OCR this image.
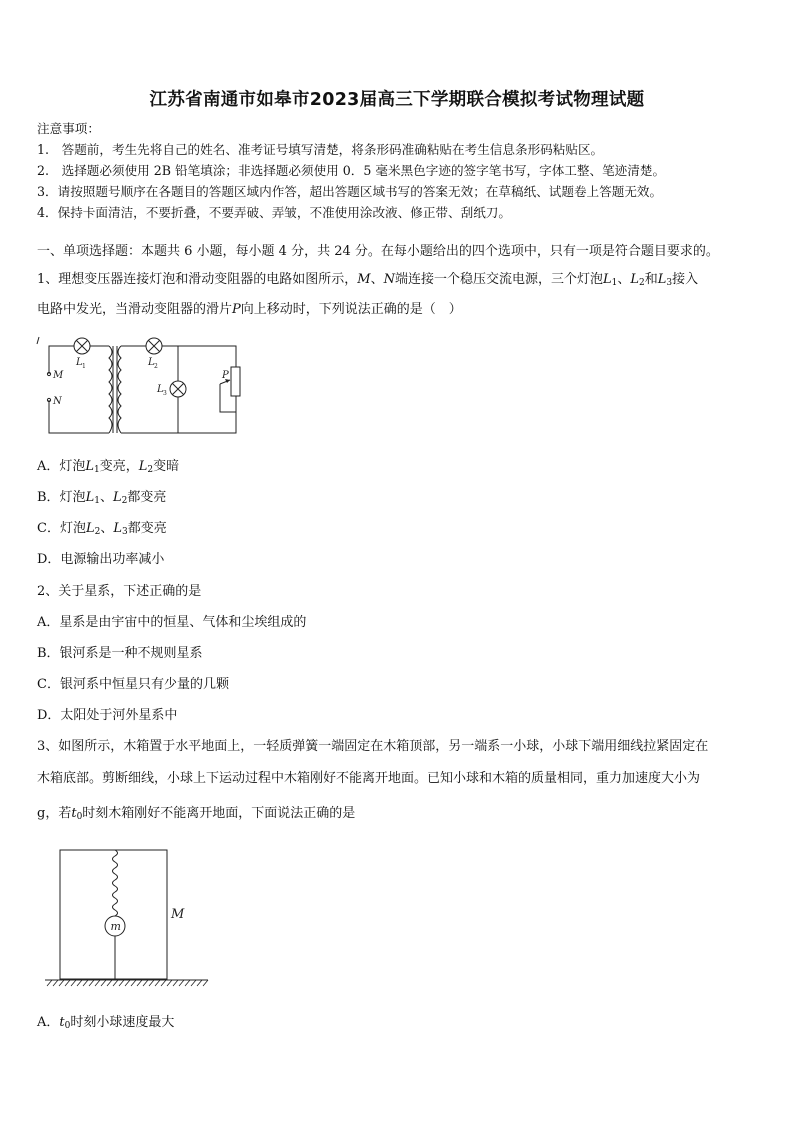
江苏省南通市如皋市2023届高三下学期联合模拟考试物理试题
注意事项：
1.　答题前，考生先将自己的姓名、准考证号填写清楚，将条形码准确粘贴在考生信息条形码粘贴区。
2.　选择题必须使用 2B 铅笔填涂；非选择题必须使用 0．5 毫米黑色字迹的签字笔书写，字体工整、笔迹清楚。
3．请按照题号顺序在各题目的答题区域内作答，超出答题区域书写的答案无效；在草稿纸、试题卷上答题无效。
4．保持卡面清洁，不要折叠，不要弄破、弄皱，不准使用涂改液、修正带、刮纸刀。
一、单项选择题：本题共 6 小题，每小题 4 分，共 24 分。在每小题给出的四个选项中，只有一项是符合题目要求的。
1、理想变压器连接灯泡和滑动变阻器的电路如图所示，M、N端连接一个稳压交流电源，三个灯泡$L_1$、$L_2$和$L_3$接入
电路中发光，当滑动变阻器的滑片P向上移动时，下列说法正确的是（　）
M
N
L 1	L 2
L 3
P
A．灯泡$L_1$变亮，$L_2$变暗
B．灯泡$L_1$、$L_2$都变亮
C．灯泡$L_2$、$L_3$都变亮
D．电源输出功率减小
2、关于星系，下述正确的是
A．星系是由宇宙中的恒星、气体和尘埃组成的
B．银河系是一种不规则星系
C．银河系中恒星只有少量的几颗
D．太阳处于河外星系中
3、如图所示，木箱置于水平地面上，一轻质弹簧一端固定在木箱顶部，另一端系一小球，小球下端用细线拉紧固定在
木箱底部。剪断细线，小球上下运动过程中木箱刚好不能离开地面。已知小球和木箱的质量相同，重力加速度大小为
g，若$t_0$时刻木箱刚好不能离开地面，下面说法正确的是
m
M
A．$t_0$时刻小球速度最大
